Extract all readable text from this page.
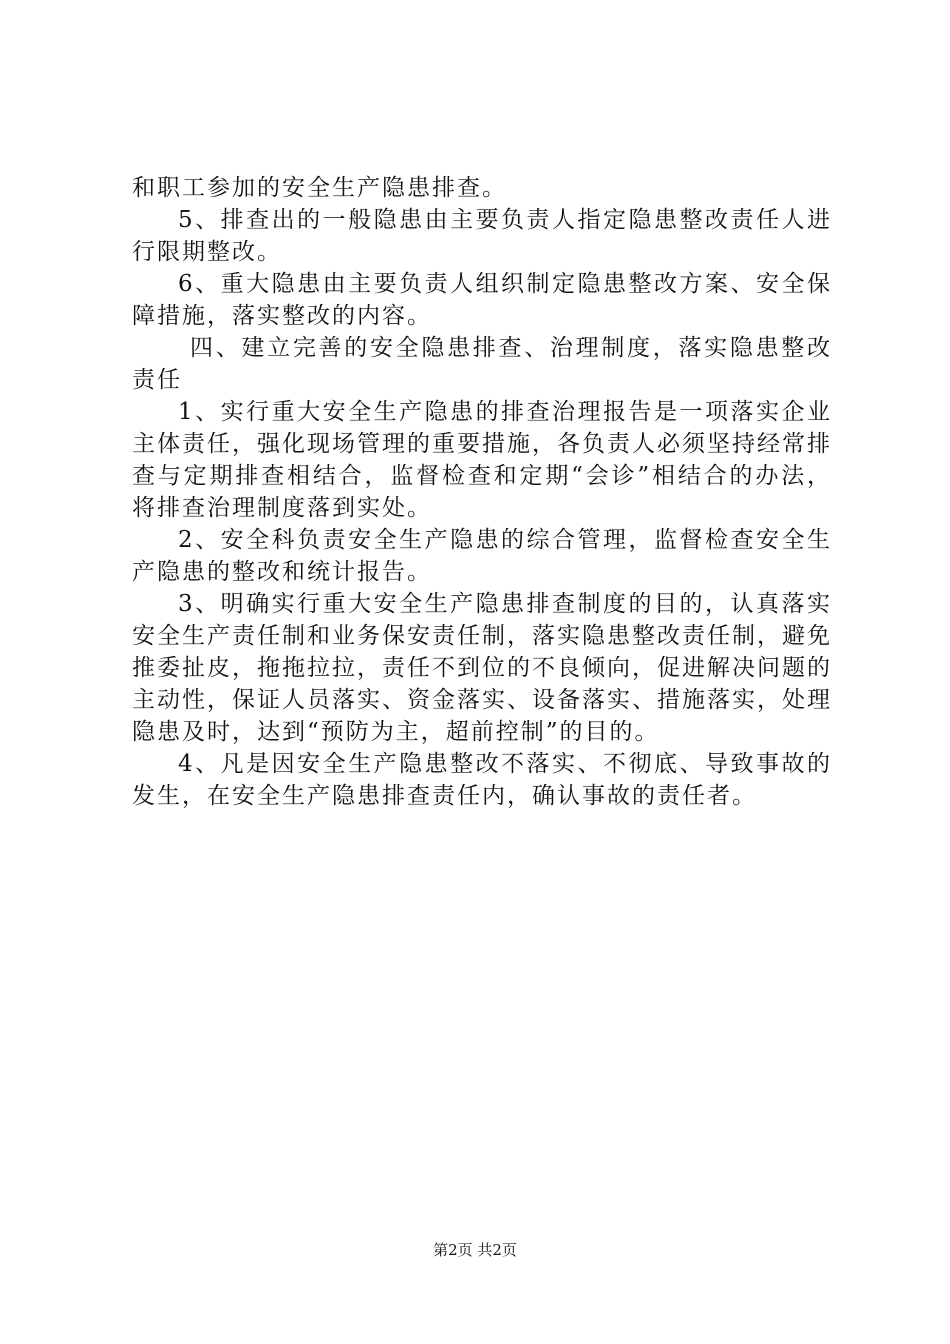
和职工参加的安全生产隐患排查。

5、排查出的一般隐患由主要负责人指定隐患整改责任人进行限期整改。

6、重大隐患由主要负责人组织制定隐患整改方案、安全保障措施，落实整改的内容。

四、建立完善的安全隐患排查、治理制度，落实隐患整改责任

1、实行重大安全生产隐患的排查治理报告是一项落实企业主体责任，强化现场管理的重要措施，各负责人必须坚持经常排查与定期排查相结合，监督检查和定期“会诊”相结合的办法，将排查治理制度落到实处。

2、安全科负责安全生产隐患的综合管理，监督检查安全生产隐患的整改和统计报告。

3、明确实行重大安全生产隐患排查制度的目的，认真落实安全生产责任制和业务保安责任制，落实隐患整改责任制，避免推委扯皮，拖拖拉拉，责任不到位的不良倾向，促进解决问题的主动性，保证人员落实、资金落实、设备落实、措施落实，处理隐患及时，达到“预防为主，超前控制”的目的。

4、凡是因安全生产隐患整改不落实、不彻底、导致事故的发生，在安全生产隐患排查责任内，确认事故的责任者。

第2页 共2页
